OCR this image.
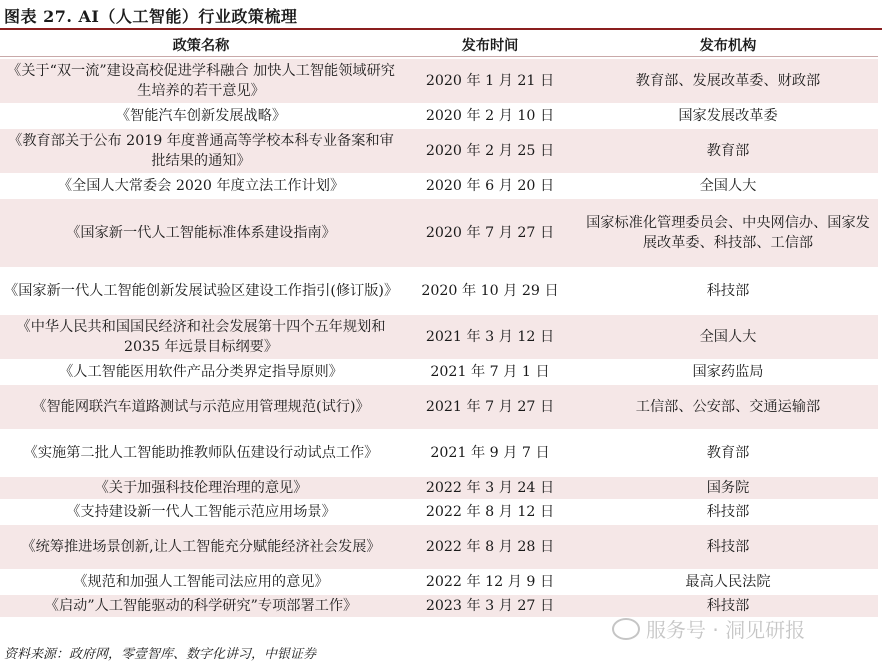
图表 27. AI（人工智能）行业政策梳理
政策名称	发布时间	发布机构
《关于“双一流”建设高校促进学科融合 加快人工智能领域研究生培养的若干意见》	2020 年 1 月 21 日	教育部、发展改革委、财政部
《智能汽车创新发展战略》	2020 年 2 月 10 日	国家发展改革委
《教育部关于公布 2019 年度普通高等学校本科专业备案和审批结果的通知》	2020 年 2 月 25 日	教育部
《全国人大常委会 2020 年度立法工作计划》	2020 年 6 月 20 日	全国人大
《国家新一代人工智能标准体系建设指南》	2020 年 7 月 27 日	国家标准化管理委员会、中央网信办、国家发展改革委、科技部、工信部
《国家新一代人工智能创新发展试验区建设工作指引(修订版)》	2020 年 10 月 29 日	科技部
《中华人民共和国国民经济和社会发展第十四个五年规划和 2035 年远景目标纲要》	2021 年 3 月 12 日	全国人大
《人工智能医用软件产品分类界定指导原则》	2021 年 7 月 1 日	国家药监局
《智能网联汽车道路测试与示范应用管理规范(试行)》	2021 年 7 月 27 日	工信部、公安部、交通运输部
《实施第二批人工智能助推教师队伍建设行动试点工作》	2021 年 9 月 7 日	教育部
《关于加强科技伦理治理的意见》	2022 年 3 月 24 日	国务院
《支持建设新一代人工智能示范应用场景》	2022 年 8 月 12 日	科技部
《统筹推进场景创新,让人工智能充分赋能经济社会发展》	2022 年 8 月 28 日	科技部
《规范和加强人工智能司法应用的意见》	2022 年 12 月 9 日	最高人民法院
《启动”人工智能驱动的科学研究”专项部署工作》	2023 年 3 月 27 日	科技部
资料来源：政府网，零壹智库、数字化讲习，中银证券
服务号 · 洞见研报
